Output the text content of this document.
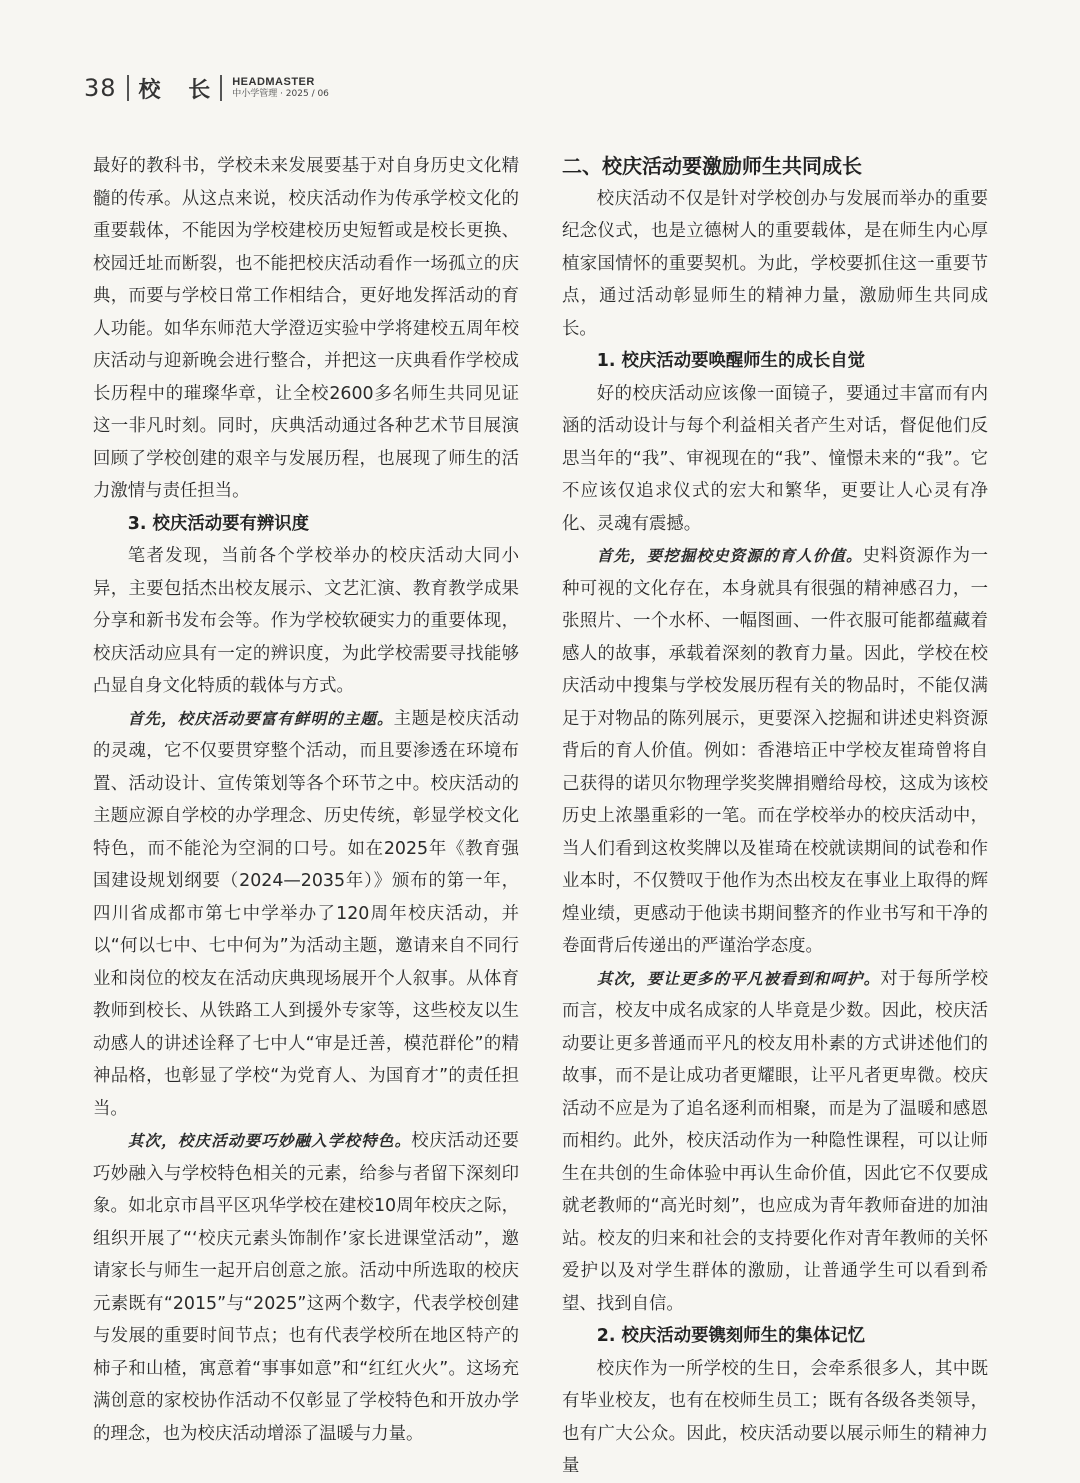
38 校 长 HEADMASTER
中小学管理 · 2025 / 06

最好的教科书，学校未来发展要基于对自身历史文化精髓的传承。从这点来说，校庆活动作为传承学校文化的重要载体，不能因为学校建校历史短暂或是校长更换、校园迁址而断裂，也不能把校庆活动看作一场孤立的庆典，而要与学校日常工作相结合，更好地发挥活动的育人功能。如华东师范大学澄迈实验中学将建校五周年校庆活动与迎新晚会进行整合，并把这一庆典看作学校成长历程中的璀璨华章，让全校2600多名师生共同见证这一非凡时刻。同时，庆典活动通过各种艺术节目展演回顾了学校创建的艰辛与发展历程，也展现了师生的活力激情与责任担当。

3. 校庆活动要有辨识度

笔者发现，当前各个学校举办的校庆活动大同小异，主要包括杰出校友展示、文艺汇演、教育教学成果分享和新书发布会等。作为学校软硬实力的重要体现，校庆活动应具有一定的辨识度，为此学校需要寻找能够凸显自身文化特质的载体与方式。

首先，校庆活动要富有鲜明的主题。主题是校庆活动的灵魂，它不仅要贯穿整个活动，而且要渗透在环境布置、活动设计、宣传策划等各个环节之中。校庆活动的主题应源自学校的办学理念、历史传统，彰显学校文化特色，而不能沦为空洞的口号。如在2025年《教育强国建设规划纲要（2024—2035年）》颁布的第一年，四川省成都市第七中学举办了120周年校庆活动，并以“何以七中、七中何为”为活动主题，邀请来自不同行业和岗位的校友在活动庆典现场展开个人叙事。从体育教师到校长、从铁路工人到援外专家等，这些校友以生动感人的讲述诠释了七中人“审是迁善，模范群伦”的精神品格，也彰显了学校“为党育人、为国育才”的责任担当。

其次，校庆活动要巧妙融入学校特色。校庆活动还要巧妙融入与学校特色相关的元素，给参与者留下深刻印象。如北京市昌平区巩华学校在建校10周年校庆之际，组织开展了“‘校庆元素头饰制作’家长进课堂活动”，邀请家长与师生一起开启创意之旅。活动中所选取的校庆元素既有“2015”与“2025”这两个数字，代表学校创建与发展的重要时间节点；也有代表学校所在地区特产的柿子和山楂，寓意着“事事如意”和“红红火火”。这场充满创意的家校协作活动不仅彰显了学校特色和开放办学的理念，也为校庆活动增添了温暖与力量。

二、校庆活动要激励师生共同成长

校庆活动不仅是针对学校创办与发展而举办的重要纪念仪式，也是立德树人的重要载体，是在师生内心厚植家国情怀的重要契机。为此，学校要抓住这一重要节点，通过活动彰显师生的精神力量，激励师生共同成长。

1. 校庆活动要唤醒师生的成长自觉

好的校庆活动应该像一面镜子，要通过丰富而有内涵的活动设计与每个利益相关者产生对话，督促他们反思当年的“我”、审视现在的“我”、憧憬未来的“我”。它不应该仅追求仪式的宏大和繁华，更要让人心灵有净化、灵魂有震撼。

首先，要挖掘校史资源的育人价值。史料资源作为一种可视的文化存在，本身就具有很强的精神感召力，一张照片、一个水杯、一幅图画、一件衣服可能都蕴藏着感人的故事，承载着深刻的教育力量。因此，学校在校庆活动中搜集与学校发展历程有关的物品时，不能仅满足于对物品的陈列展示，更要深入挖掘和讲述史料资源背后的育人价值。例如：香港培正中学校友崔琦曾将自己获得的诺贝尔物理学奖奖牌捐赠给母校，这成为该校历史上浓墨重彩的一笔。而在学校举办的校庆活动中，当人们看到这枚奖牌以及崔琦在校就读期间的试卷和作业本时，不仅赞叹于他作为杰出校友在事业上取得的辉煌业绩，更感动于他读书期间整齐的作业书写和干净的卷面背后传递出的严谨治学态度。

其次，要让更多的平凡被看到和呵护。对于每所学校而言，校友中成名成家的人毕竟是少数。因此，校庆活动要让更多普通而平凡的校友用朴素的方式讲述他们的故事，而不是让成功者更耀眼，让平凡者更卑微。校庆活动不应是为了追名逐利而相聚，而是为了温暖和感恩而相约。此外，校庆活动作为一种隐性课程，可以让师生在共创的生命体验中再认生命价值，因此它不仅要成就老教师的“高光时刻”，也应成为青年教师奋进的加油站。校友的归来和社会的支持要化作对青年教师的关怀爱护以及对学生群体的激励，让普通学生可以看到希望、找到自信。

2. 校庆活动要镌刻师生的集体记忆

校庆作为一所学校的生日，会牵系很多人，其中既有毕业校友，也有在校师生员工；既有各级各类领导，也有广大公众。因此，校庆活动要以展示师生的精神力量
